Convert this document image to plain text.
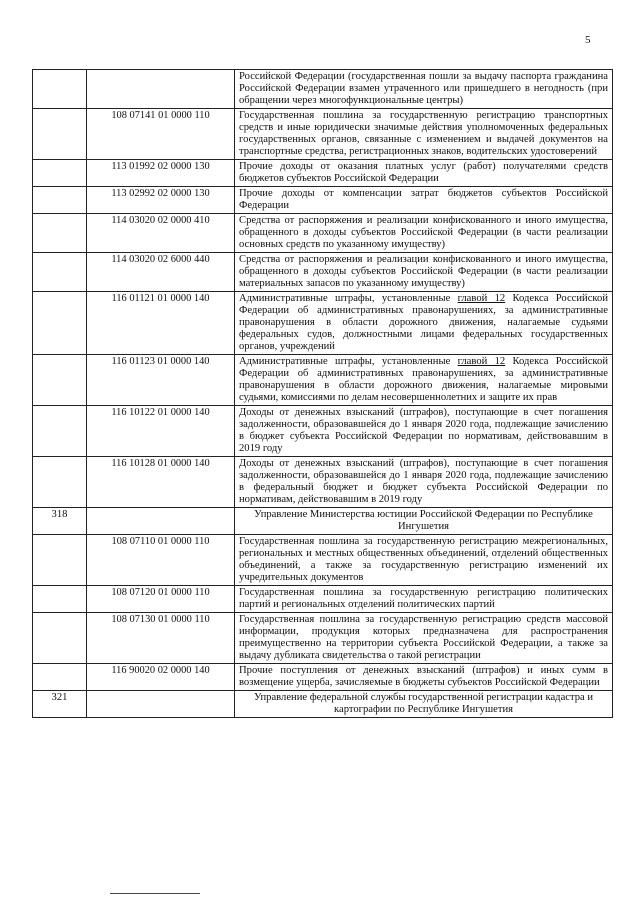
5
		Российской Федерации (государственная пошли за выдачу паспорта гражданина Российской Федерации взамен утраченного или пришедшего в негодность (при обращении через многофункциональные центры)
	108 07141 01 0000 110	Государственная пошлина за государственную регистрацию транспортных средств и иные юридически значимые действия уполномоченных федеральных государственных органов, связанные с изменением и выдачей документов на транспортные средства, регистрационных знаков, водительских удостоверений
	113 01992 02 0000 130	Прочие доходы от оказания платных услуг (работ) получателями средств бюджетов субъектов Российской Федерации
	113 02992 02 0000 130	Прочие доходы от компенсации затрат бюджетов субъектов Российской Федерации
	114 03020 02 0000 410	Средства от распоряжения и реализации конфискованного и иного имущества, обращенного в доходы субъектов Российской Федерации (в части реализации основных средств по указанному имуществу)
	114 03020 02 6000 440	Средства от распоряжения и реализации конфискованного и иного имущества, обращенного в доходы субъектов Российской Федерации (в части реализации материальных запасов по указанному имуществу)
	116 01121 01 0000 140	Административные штрафы, установленные главой 12 Кодекса Российской Федерации об административных правонарушениях, за административные правонарушения в области дорожного движения, налагаемые судьями федеральных судов, должностными лицами федеральных государственных органов, учреждений
	116 01123 01 0000 140	Административные штрафы, установленные главой 12 Кодекса Российской Федерации об административных правонарушениях, за административные правонарушения в области дорожного движения, налагаемые мировыми судьями, комиссиями по делам несовершеннолетних и защите их прав
	116 10122 01 0000 140	Доходы от денежных взысканий (штрафов), поступающие в счет погашения задолженности, образовавшейся до 1 января 2020 года, подлежащие зачислению в бюджет субъекта Российской Федерации по нормативам, действовавшим в 2019 году
	116 10128 01 0000 140	Доходы от денежных взысканий (штрафов), поступающие в счет погашения задолженности, образовавшейся до 1 января 2020 года, подлежащие зачислению в федеральный бюджет и бюджет субъекта Российской Федерации по нормативам, действовавшим в 2019 году
318		Управление Министерства юстиции Российской Федерации по Республике Ингушетия
	108 07110 01 0000 110	Государственная пошлина за государственную регистрацию межрегиональных, региональных и местных общественных объединений, отделений общественных объединений, а также за государственную регистрацию изменений их учредительных документов
	108 07120 01 0000 110	Государственная пошлина за государственную регистрацию политических партий и региональных отделений политических партий
	108 07130 01 0000 110	Государственная пошлина за государственную регистрацию средств массовой информации, продукция которых предназначена для распространения преимущественно на территории субъекта Российской Федерации, а также за выдачу дубликата свидетельства о такой регистрации
	116 90020 02 0000 140	Прочие поступления от денежных взысканий (штрафов) и иных сумм в возмещение ущерба, зачисляемые в бюджеты субъектов Российской Федерации
321		Управление федеральной службы государственной регистрации кадастра и картографии по Республике Ингушетия
